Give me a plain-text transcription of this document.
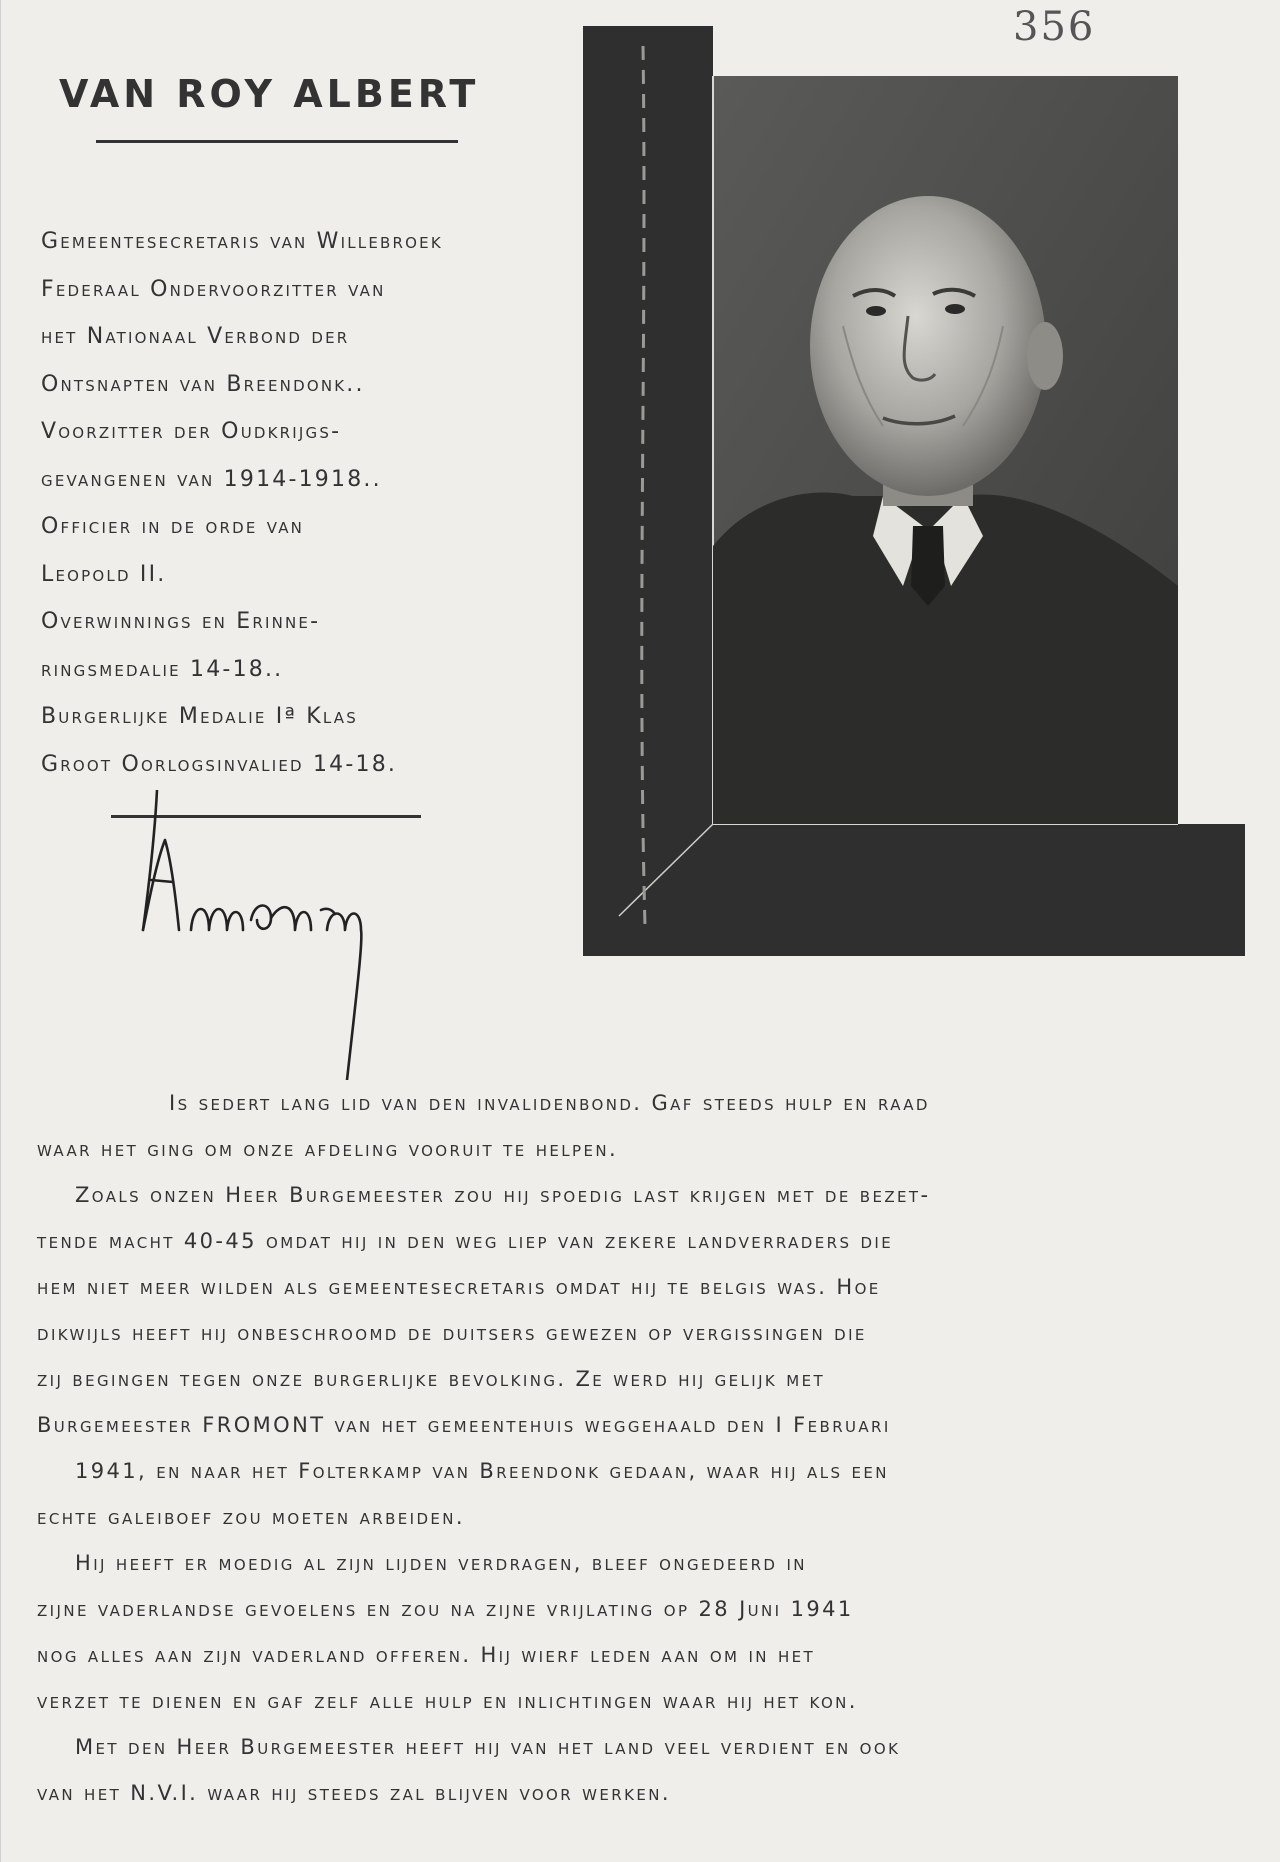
356
VAN ROY ALBERT
Gemeentesecretaris van Willebroek
Federaal Ondervoorzitter van
het Nationaal Verbond der
Ontsnapten van Breendonk..
Voorzitter der Oudkrijgs-
gevangenen van 1914-1918..
Officier in de orde van
Leopold II.
Overwinnings en Erinne-
ringsmedalie 14-18..
Burgerlijke Medalie Iª Klas
Groot Oorlogsinvalied 14-18.
Is sedert lang lid van den invalidenbond. Gaf steeds hulp en raad
waar het ging om onze afdeling vooruit te helpen.
Zoals onzen Heer Burgemeester zou hij spoedig last krijgen met de bezet-
tende macht 40-45 omdat hij in den weg liep van zekere landverraders die
hem niet meer wilden als gemeentesecretaris omdat hij te belgis was. Hoe
dikwijls heeft hij onbeschroomd de duitsers gewezen op vergissingen die
zij begingen tegen onze burgerlijke bevolking. Ze werd hij gelijk met
Burgemeester FROMONT van het gemeentehuis weggehaald den I Februari
1941, en naar het Folterkamp van Breendonk gedaan, waar hij als een
echte galeiboef zou moeten arbeiden.
Hij heeft er moedig al zijn lijden verdragen, bleef ongedeerd in
zijne vaderlandse gevoelens en zou na zijne vrijlating op 28 Juni 1941
nog alles aan zijn vaderland offeren. Hij wierf leden aan om in het
verzet te dienen en gaf zelf alle hulp en inlichtingen waar hij het kon.
Met den Heer Burgemeester heeft hij van het land veel verdient en ook
van het N.V.I. waar hij steeds zal blijven voor werken.
